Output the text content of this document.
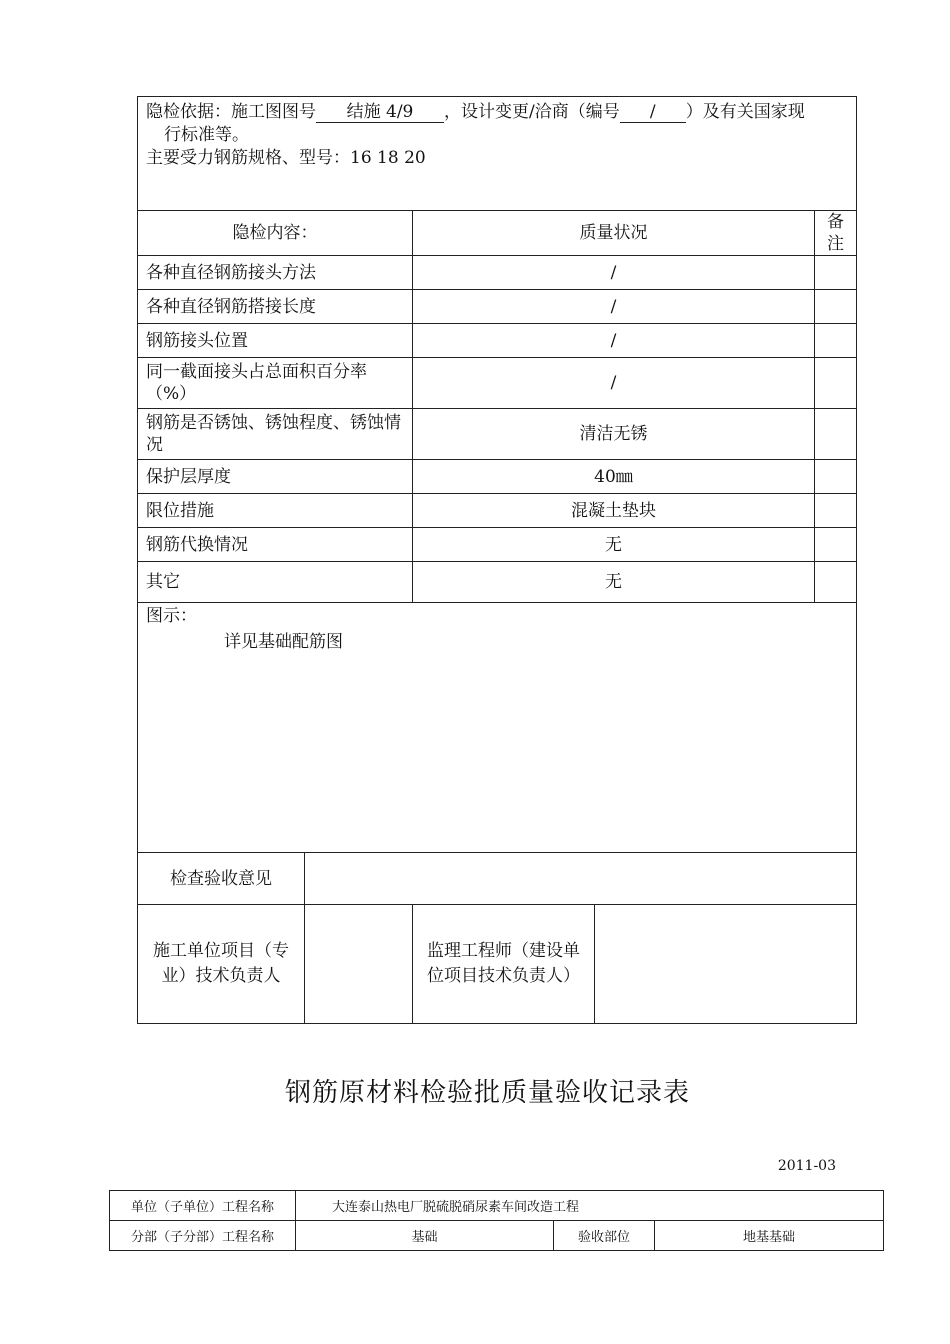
隐检依据：施工图图号 结施 4/9 ，设计变更/洽商（编号 / ）及有关国家现
行标准等。
主要受力钢筋规格、型号：16 18 20				

隐检内容：		质量状况		备注
各种直径钢筋接头方法		/		
各种直径钢筋搭接长度		/		
钢筋接头位置		/		
同一截面接头占总面积百分率（%）		/		
钢筋是否锈蚀、锈蚀程度、锈蚀情况		清洁无锈		
保护层厚度		40㎜		
限位措施		混凝土垫块		
钢筋代换情况		无		
其它		无		

图示：
详见基础配筋图				

检查验收意见				
施工单位项目（专业）技术负责人		监理工程师（建设单位项目技术负责人）		
钢筋原材料检验批质量验收记录表
2011-03
单位（子单位）工程名称	大连泰山热电厂脱硫脱硝尿素车间改造工程		
分部（子分部）工程名称	基础	验收部位	地基基础
